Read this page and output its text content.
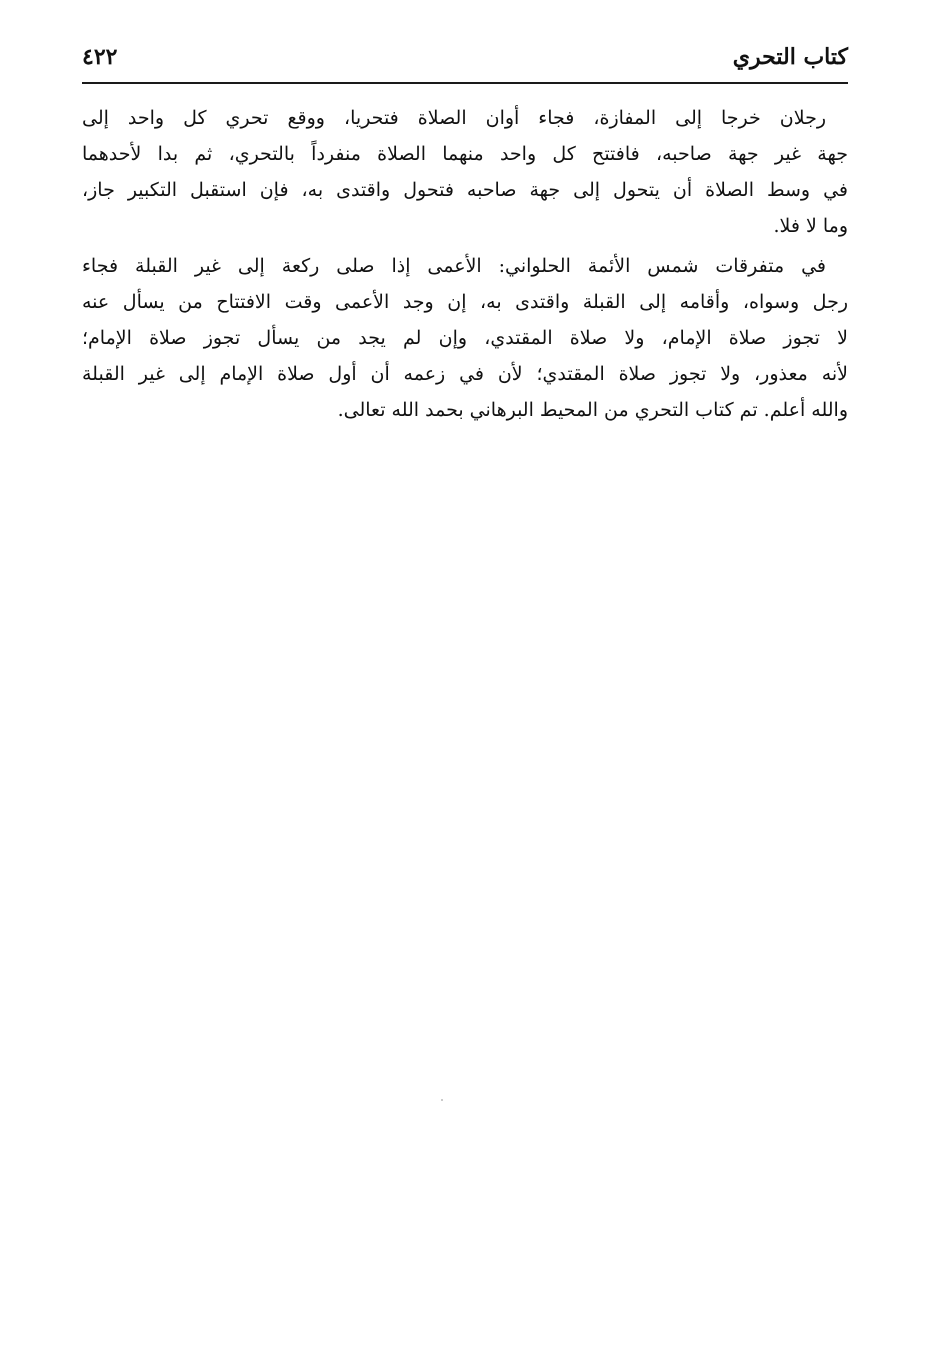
كتاب التحري
٤٢٢

رجلان خرجا إلى المفازة، فجاء أوان الصلاة فتحريا، ووقع تحري كل واحد إلى
جهة غير جهة صاحبه، فافتتح كل واحد منهما الصلاة منفرداً بالتحري، ثم بدا لأحدهما
في وسط الصلاة أن يتحول إلى جهة صاحبه فتحول واقتدى به، فإن استقبل التكبير جاز،
وما لا فلا.

في متفرقات شمس الأئمة الحلواني: الأعمى إذا صلى ركعة إلى غير القبلة فجاء
رجل وسواه، وأقامه إلى القبلة واقتدى به، إن وجد الأعمى وقت الافتتاح من يسأل عنه
لا تجوز صلاة الإمام، ولا صلاة المقتدي، وإن لم يجد من يسأل تجوز صلاة الإمام؛
لأنه معذور، ولا تجوز صلاة المقتدي؛ لأن في زعمه أن أول صلاة الإمام إلى غير القبلة
والله أعلم. تم كتاب التحري من المحيط البرهاني بحمد الله تعالى.
